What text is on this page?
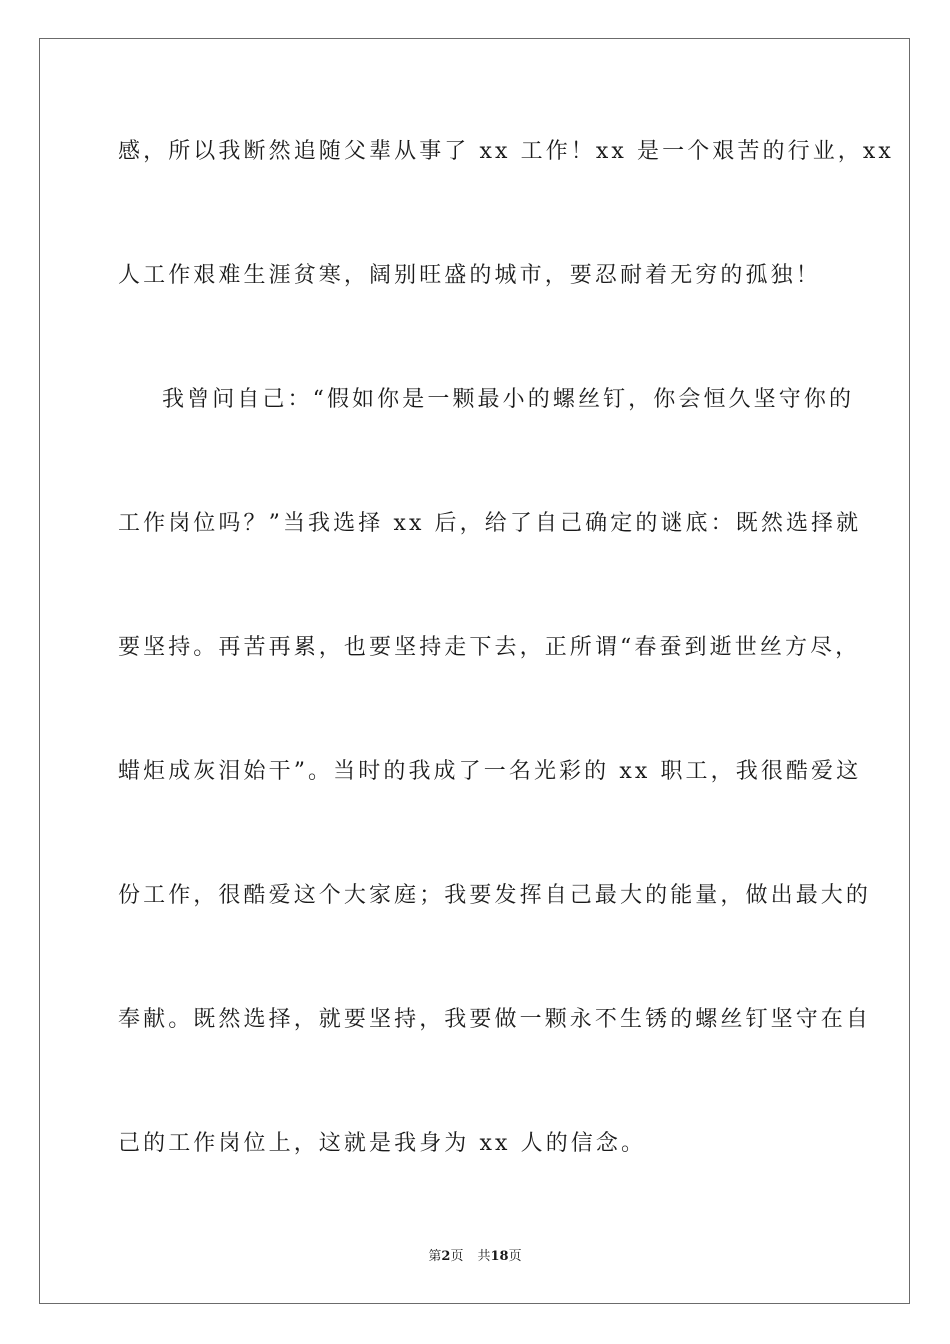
感，所以我断然追随父辈从事了 xx 工作！xx 是一个艰苦的行业，xx
人工作艰难生涯贫寒，阔别旺盛的城市，要忍耐着无穷的孤独！
我曾问自己：“假如你是一颗最小的螺丝钉，你会恒久坚守你的
工作岗位吗？”当我选择 xx 后，给了自己确定的谜底：既然选择就
要坚持。再苦再累，也要坚持走下去，正所谓“春蚕到逝世丝方尽，
蜡炬成灰泪始干”。当时的我成了一名光彩的 xx 职工，我很酷爱这
份工作，很酷爱这个大家庭；我要发挥自己最大的能量，做出最大的
奉献。既然选择，就要坚持，我要做一颗永不生锈的螺丝钉坚守在自
己的工作岗位上，这就是我身为 xx 人的信念。
第2页 共18页
